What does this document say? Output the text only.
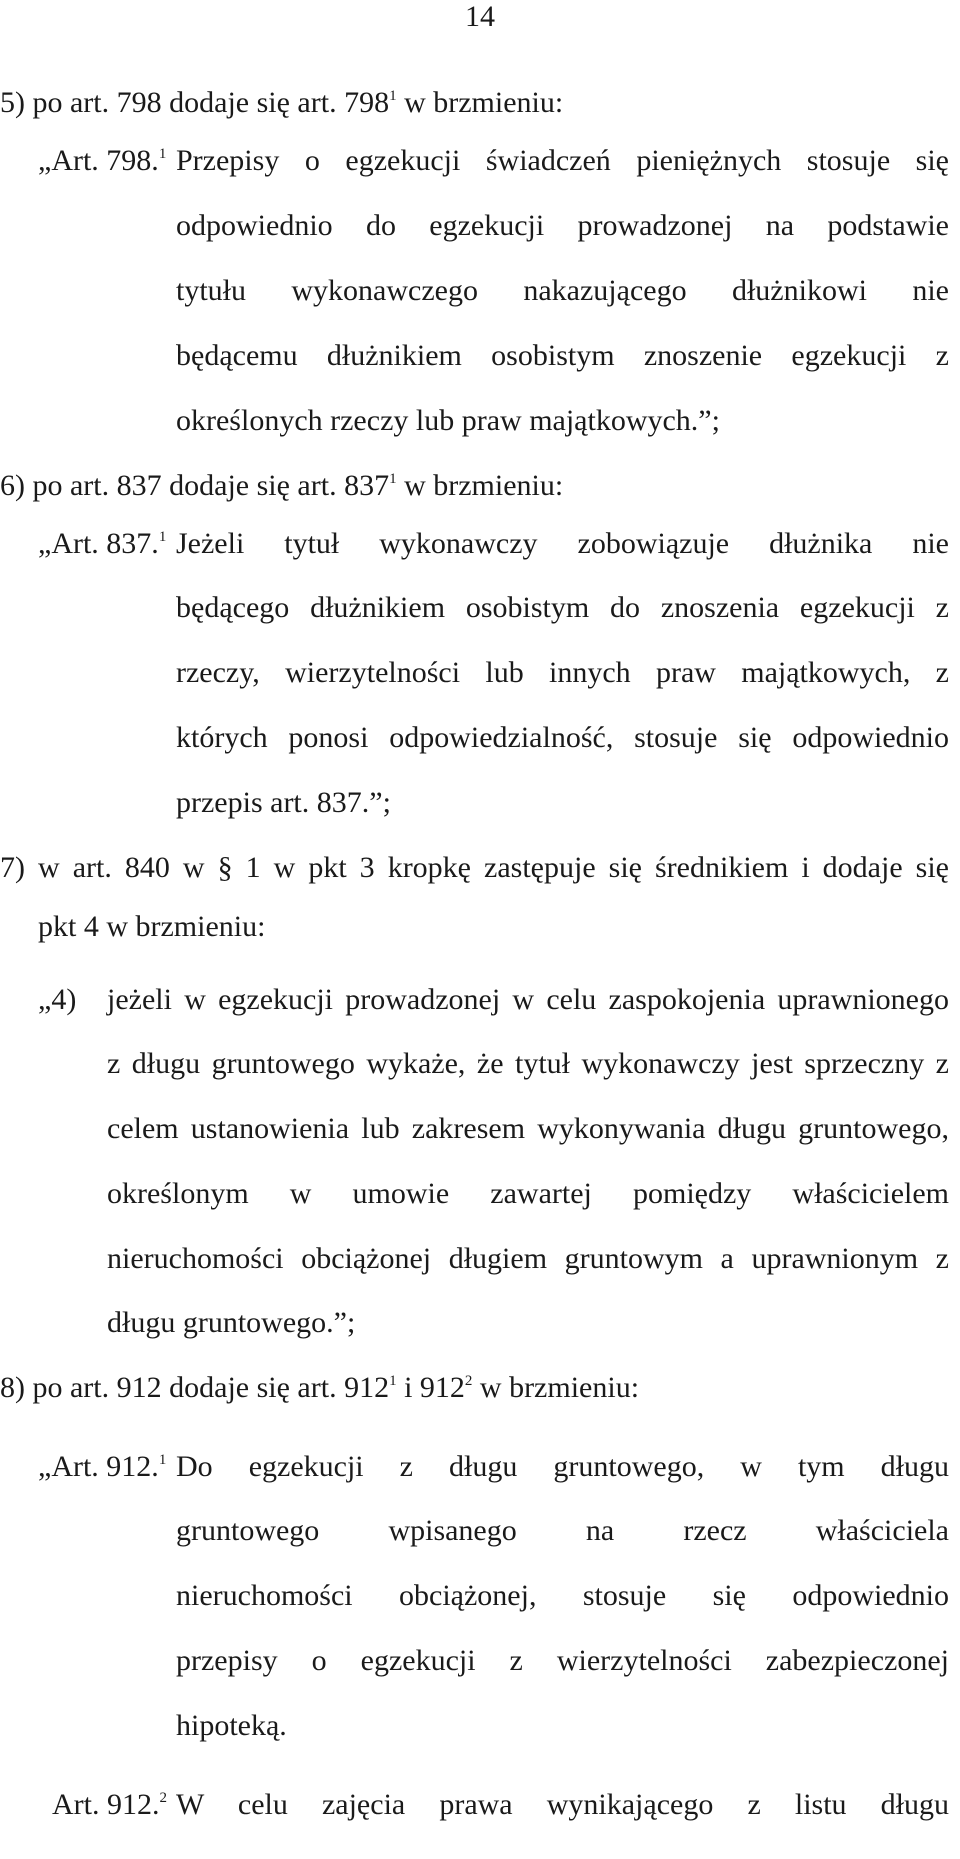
14
5) po art. 798 dodaje się art. $798^1$ w brzmieniu:
„Art. 798.$^1$ Przepisy o egzekucji świadczeń pieniężnych stosuje się
odpowiednio do egzekucji prowadzonej na podstawie
tytułu wykonawczego nakazującego dłużnikowi nie
będącemu dłużnikiem osobistym znoszenie egzekucji z
określonych rzeczy lub praw majątkowych.”;
6) po art. 837 dodaje się art. $837^1$ w brzmieniu:
„Art. 837.$^1$ Jeżeli tytuł wykonawczy zobowiązuje dłużnika nie
będącego dłużnikiem osobistym do znoszenia egzekucji z
rzeczy, wierzytelności lub innych praw majątkowych, z
których ponosi odpowiedzialność, stosuje się odpowiednio
przepis art. 837.”;
7) w art. 840 w § 1 w pkt 3 kropkę zastępuje się średnikiem i dodaje się
pkt 4 w brzmieniu:
„4) jeżeli w egzekucji prowadzonej w celu zaspokojenia uprawnionego
z długu gruntowego wykaże, że tytuł wykonawczy jest sprzeczny z
celem ustanowienia lub zakresem wykonywania długu gruntowego,
określonym w umowie zawartej pomiędzy właścicielem
nieruchomości obciążonej długiem gruntowym a uprawnionym z
długu gruntowego.”;
8) po art. 912 dodaje się art. $912^1$ i $912^2$ w brzmieniu:
„Art. 912.$^1$ Do egzekucji z długu gruntowego, w tym długu
gruntowego wpisanego na rzecz właściciela
nieruchomości obciążonej, stosuje się odpowiednio
przepisy o egzekucji z wierzytelności zabezpieczonej
hipoteką.
Art. 912.$^2$ W celu zajęcia prawa wynikającego z listu długu
